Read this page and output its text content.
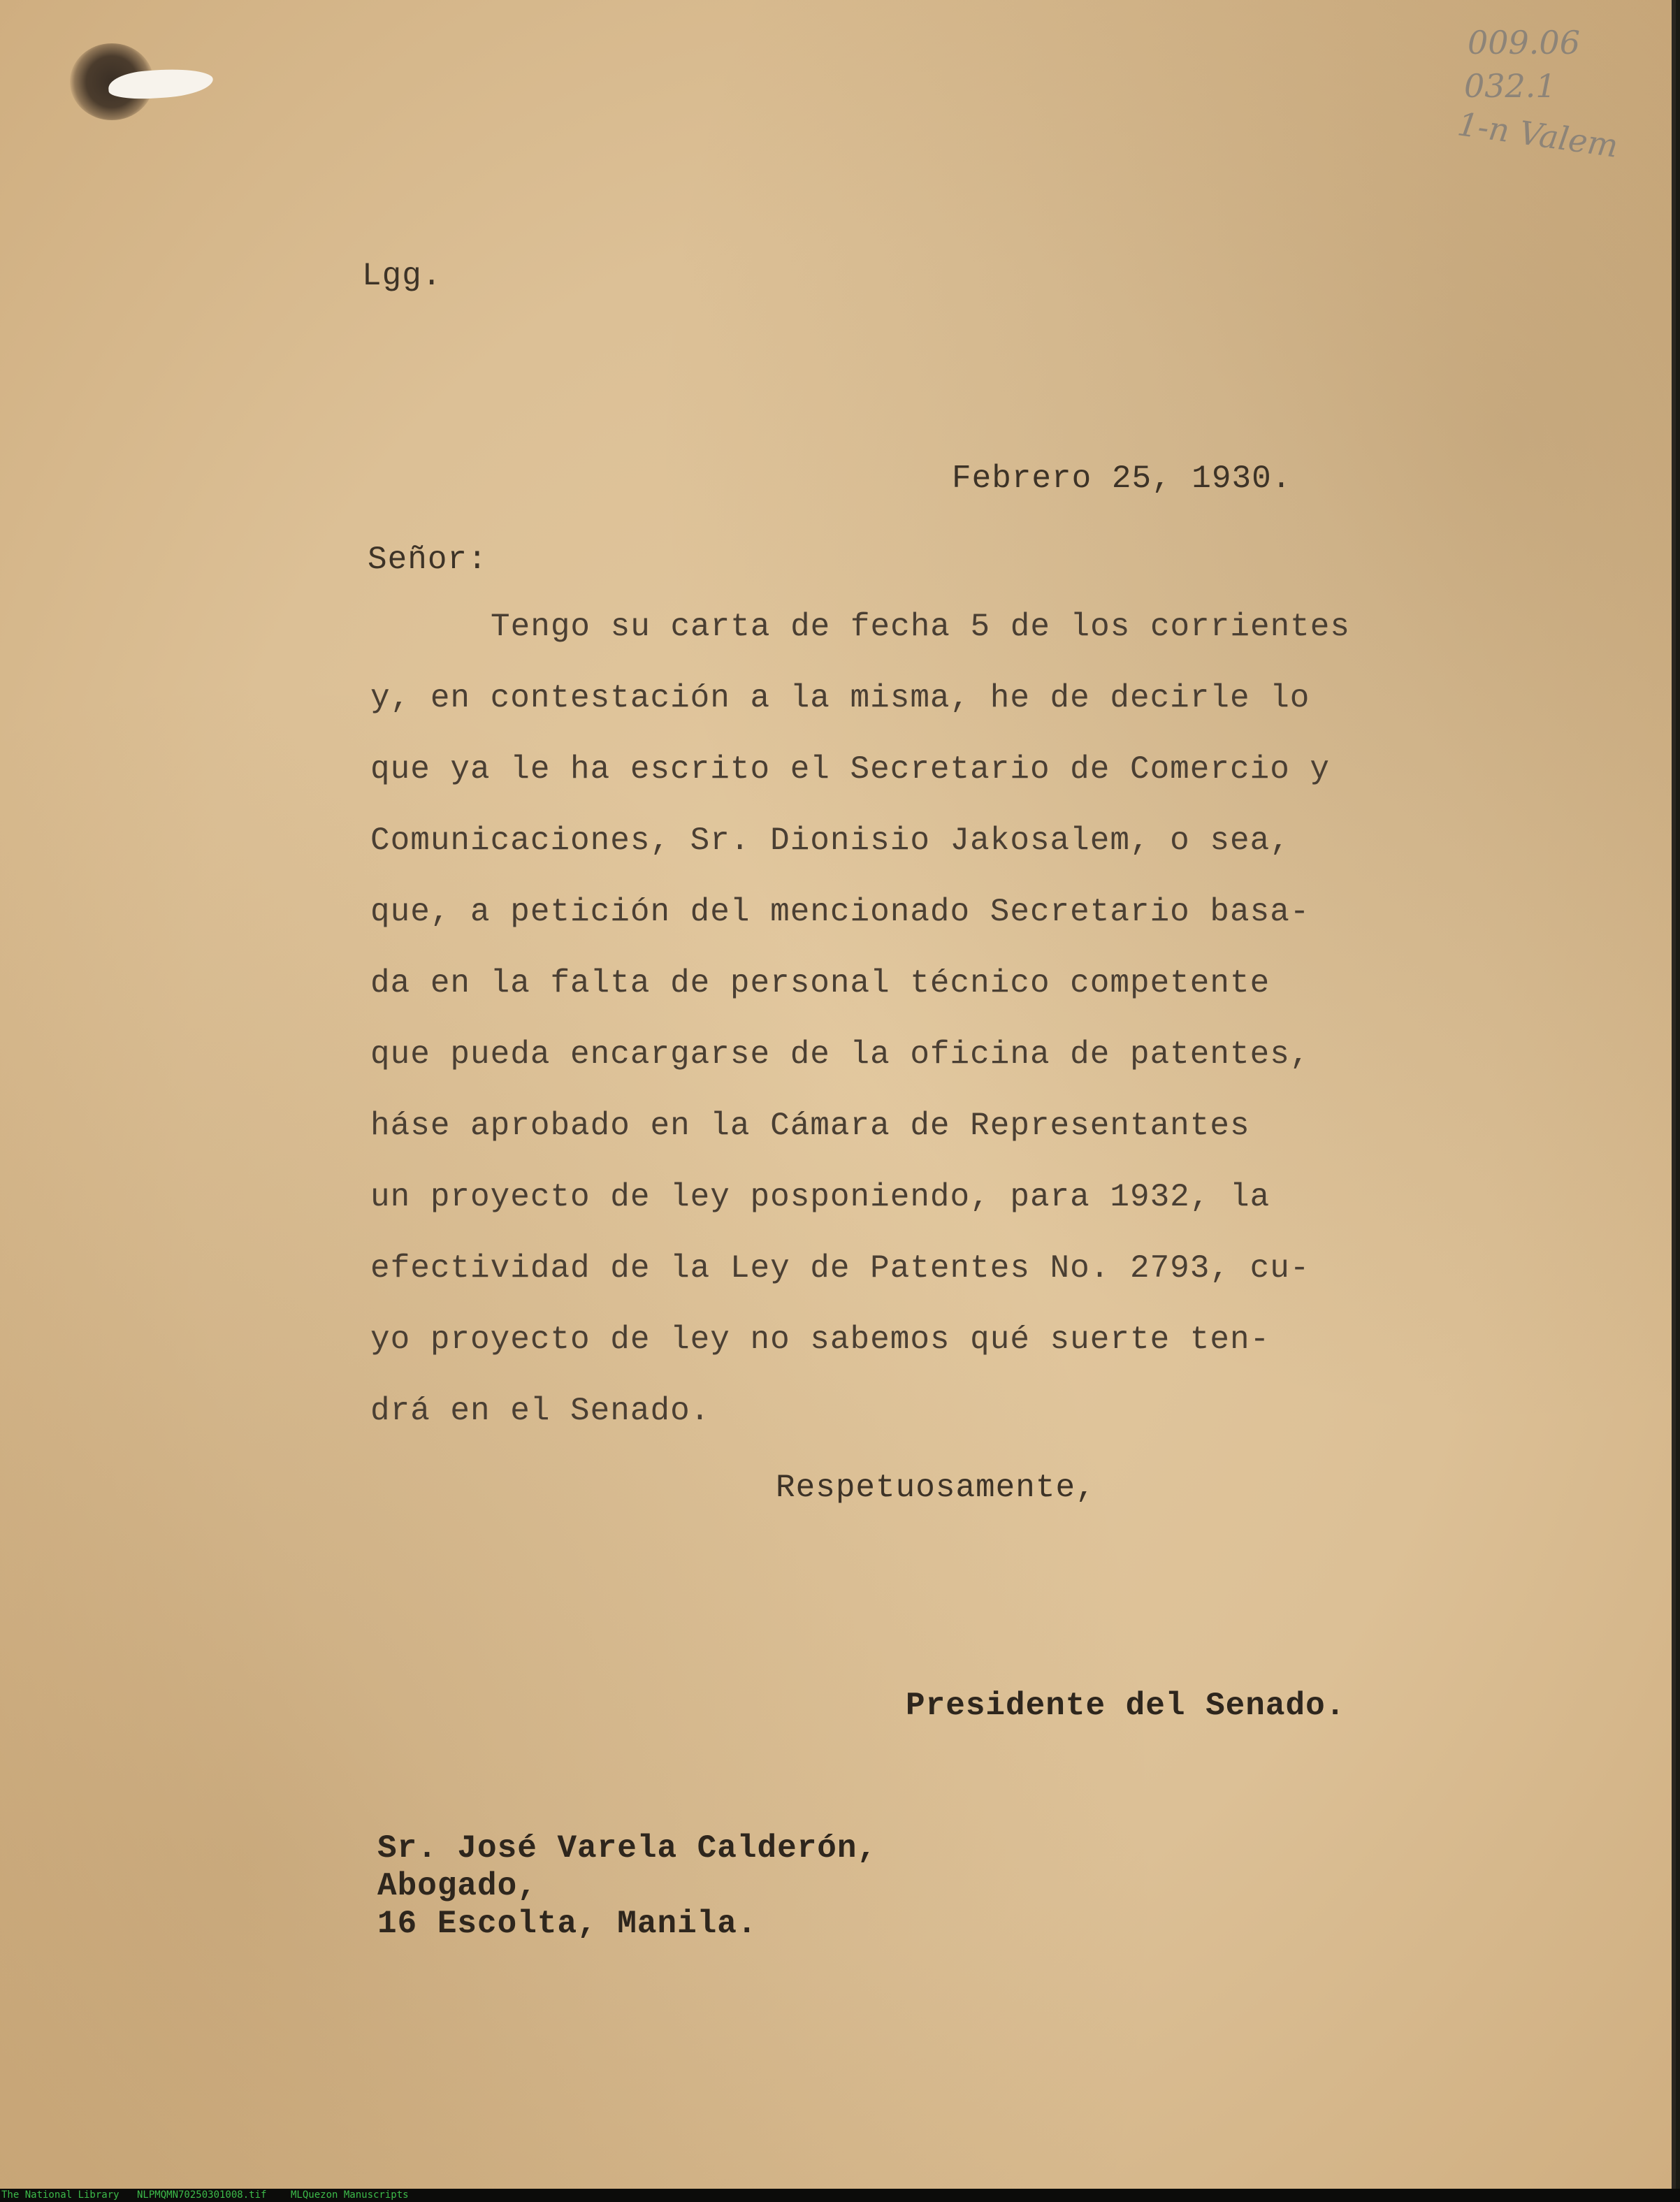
009.06
032.1
1-n Valem
Lgg.
Febrero 25, 1930.
Señor:
Tengo su carta de fecha 5 de los corrientes
y, en contestación a la misma, he de decirle lo
que ya le ha escrito el Secretario de Comercio y
Comunicaciones, Sr. Dionisio Jakosalem, o sea,
que, a petición del mencionado Secretario basa-
da en la falta de personal técnico competente
que pueda encargarse de la oficina de patentes,
háse aprobado en la Cámara de Representantes
un proyecto de ley posponiendo, para 1932, la
efectividad de la Ley de Patentes No. 2793, cu-
yo proyecto de ley no sabemos qué suerte ten-
drá en el Senado.
Respetuosamente,
Presidente del Senado.
Sr. José Varela Calderón,
Abogado,
16 Escolta, Manila.
The National Library NLPMQMN70250301008.tif MLQuezon Manuscripts
